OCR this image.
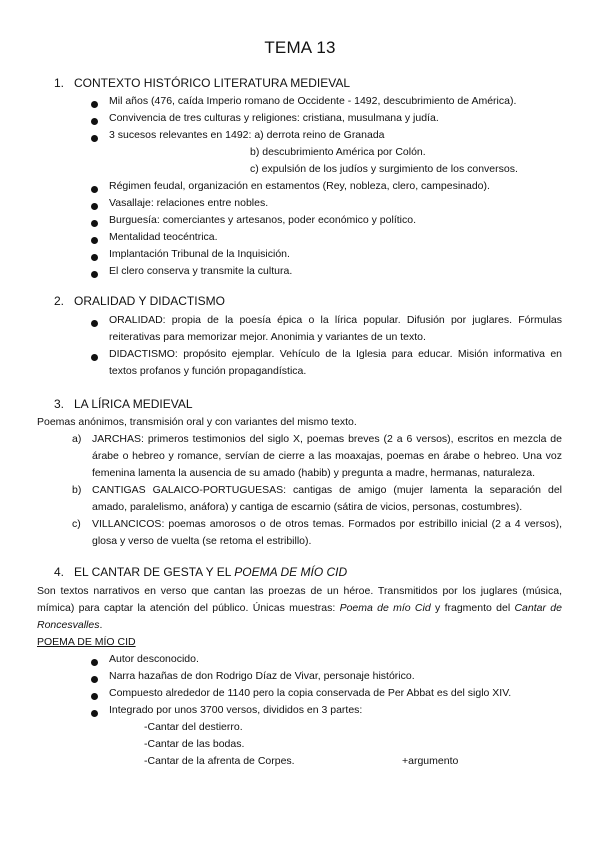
TEMA 13
1. CONTEXTO HISTÓRICO LITERATURA MEDIEVAL
Mil años (476, caída Imperio romano de Occidente - 1492, descubrimiento de América).
Convivencia de tres culturas y religiones: cristiana, musulmana y judía.
3 sucesos relevantes en 1492: a) derrota reino de Granada
b) descubrimiento América por Colón.
c) expulsión de los judíos y surgimiento de los conversos.
Régimen feudal, organización en estamentos (Rey, nobleza, clero, campesinado).
Vasallaje: relaciones entre nobles.
Burguesía: comerciantes y artesanos, poder económico y político.
Mentalidad teocéntrica.
Implantación Tribunal de la Inquisición.
El clero conserva y transmite la cultura.
2. ORALIDAD Y DIDACTISMO
ORALIDAD: propia de la poesía épica o la lírica popular. Difusión por juglares. Fórmulas reiterativas para memorizar mejor. Anonimia y variantes de un texto.
DIDACTISMO: propósito ejemplar. Vehículo de la Iglesia para educar. Misión informativa en textos profanos y función propagandística.
3. LA LÍRICA MEDIEVAL
Poemas anónimos, transmisión oral y con variantes del mismo texto.
a) JARCHAS: primeros testimonios del siglo X, poemas breves (2 a 6 versos), escritos en mezcla de árabe o hebreo y romance, servían de cierre a las moaxajas, poemas en árabe o hebreo. Una voz femenina lamenta la ausencia de su amado (habib) y pregunta a madre, hermanas, naturaleza.
b) CANTIGAS GALAICO-PORTUGUESAS: cantigas de amigo (mujer lamenta la separación del amado, paralelismo, anáfora) y cantiga de escarnio (sátira de vicios, personas, costumbres).
c) VILLANCICOS: poemas amorosos o de otros temas. Formados por estribillo inicial (2 a 4 versos), glosa y verso de vuelta (se retoma el estribillo).
4. EL CANTAR DE GESTA Y EL POEMA DE MÍO CID
Son textos narrativos en verso que cantan las proezas de un héroe. Transmitidos por los juglares (música, mímica) para captar la atención del público. Únicas muestras: Poema de mío Cid y fragmento del Cantar de Roncesvalles.
POEMA DE MÍO CID
Autor desconocido.
Narra hazañas de don Rodrigo Díaz de Vivar, personaje histórico.
Compuesto alrededor de 1140 pero la copia conservada de Per Abbat es del siglo XIV.
Integrado por unos 3700 versos, divididos en 3 partes:
-Cantar del destierro.
-Cantar de las bodas.
-Cantar de la afrenta de Corpes.	+argumento
